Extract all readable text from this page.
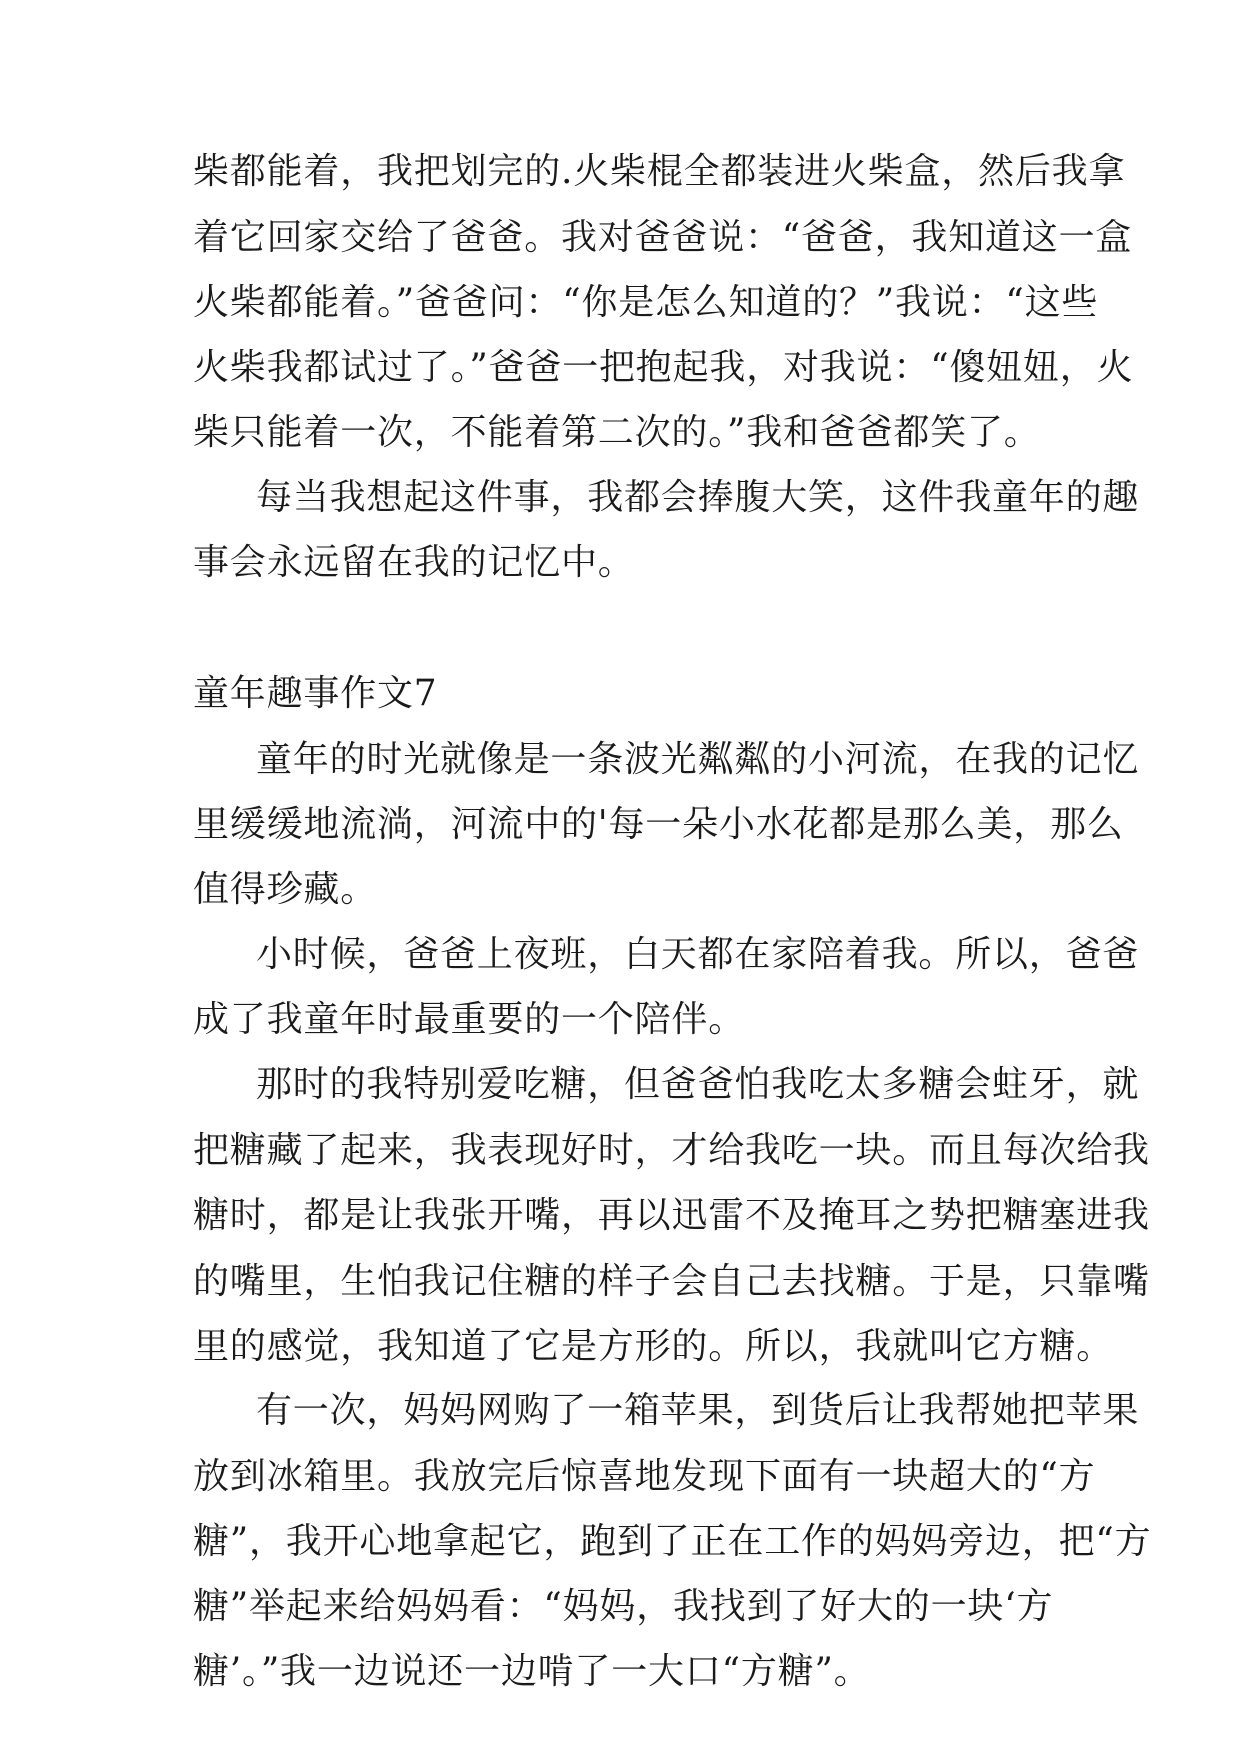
柴都能着，我把划完的.火柴棍全都装进火柴盒，然后我拿
着它回家交给了爸爸。我对爸爸说：“爸爸，我知道这一盒
火柴都能着。”爸爸问：“你是怎么知道的？”我说：“这些
火柴我都试过了。”爸爸一把抱起我，对我说：“傻妞妞，火
柴只能着一次，不能着第二次的。”我和爸爸都笑了。
每当我想起这件事，我都会捧腹大笑，这件我童年的趣
事会永远留在我的记忆中。
童年趣事作文7
童年的时光就像是一条波光粼粼的小河流，在我的记忆
里缓缓地流淌，河流中的'每一朵小水花都是那么美，那么
值得珍藏。
小时候，爸爸上夜班，白天都在家陪着我。所以，爸爸
成了我童年时最重要的一个陪伴。
那时的我特别爱吃糖，但爸爸怕我吃太多糖会蛀牙，就
把糖藏了起来，我表现好时，才给我吃一块。而且每次给我
糖时，都是让我张开嘴，再以迅雷不及掩耳之势把糖塞进我
的嘴里，生怕我记住糖的样子会自己去找糖。于是，只靠嘴
里的感觉，我知道了它是方形的。所以，我就叫它方糖。
有一次，妈妈网购了一箱苹果，到货后让我帮她把苹果
放到冰箱里。我放完后惊喜地发现下面有一块超大的“方
糖”，我开心地拿起它，跑到了正在工作的妈妈旁边，把“方
糖”举起来给妈妈看：“妈妈，我找到了好大的一块‘方
糖’。”我一边说还一边啃了一大口“方糖”。
